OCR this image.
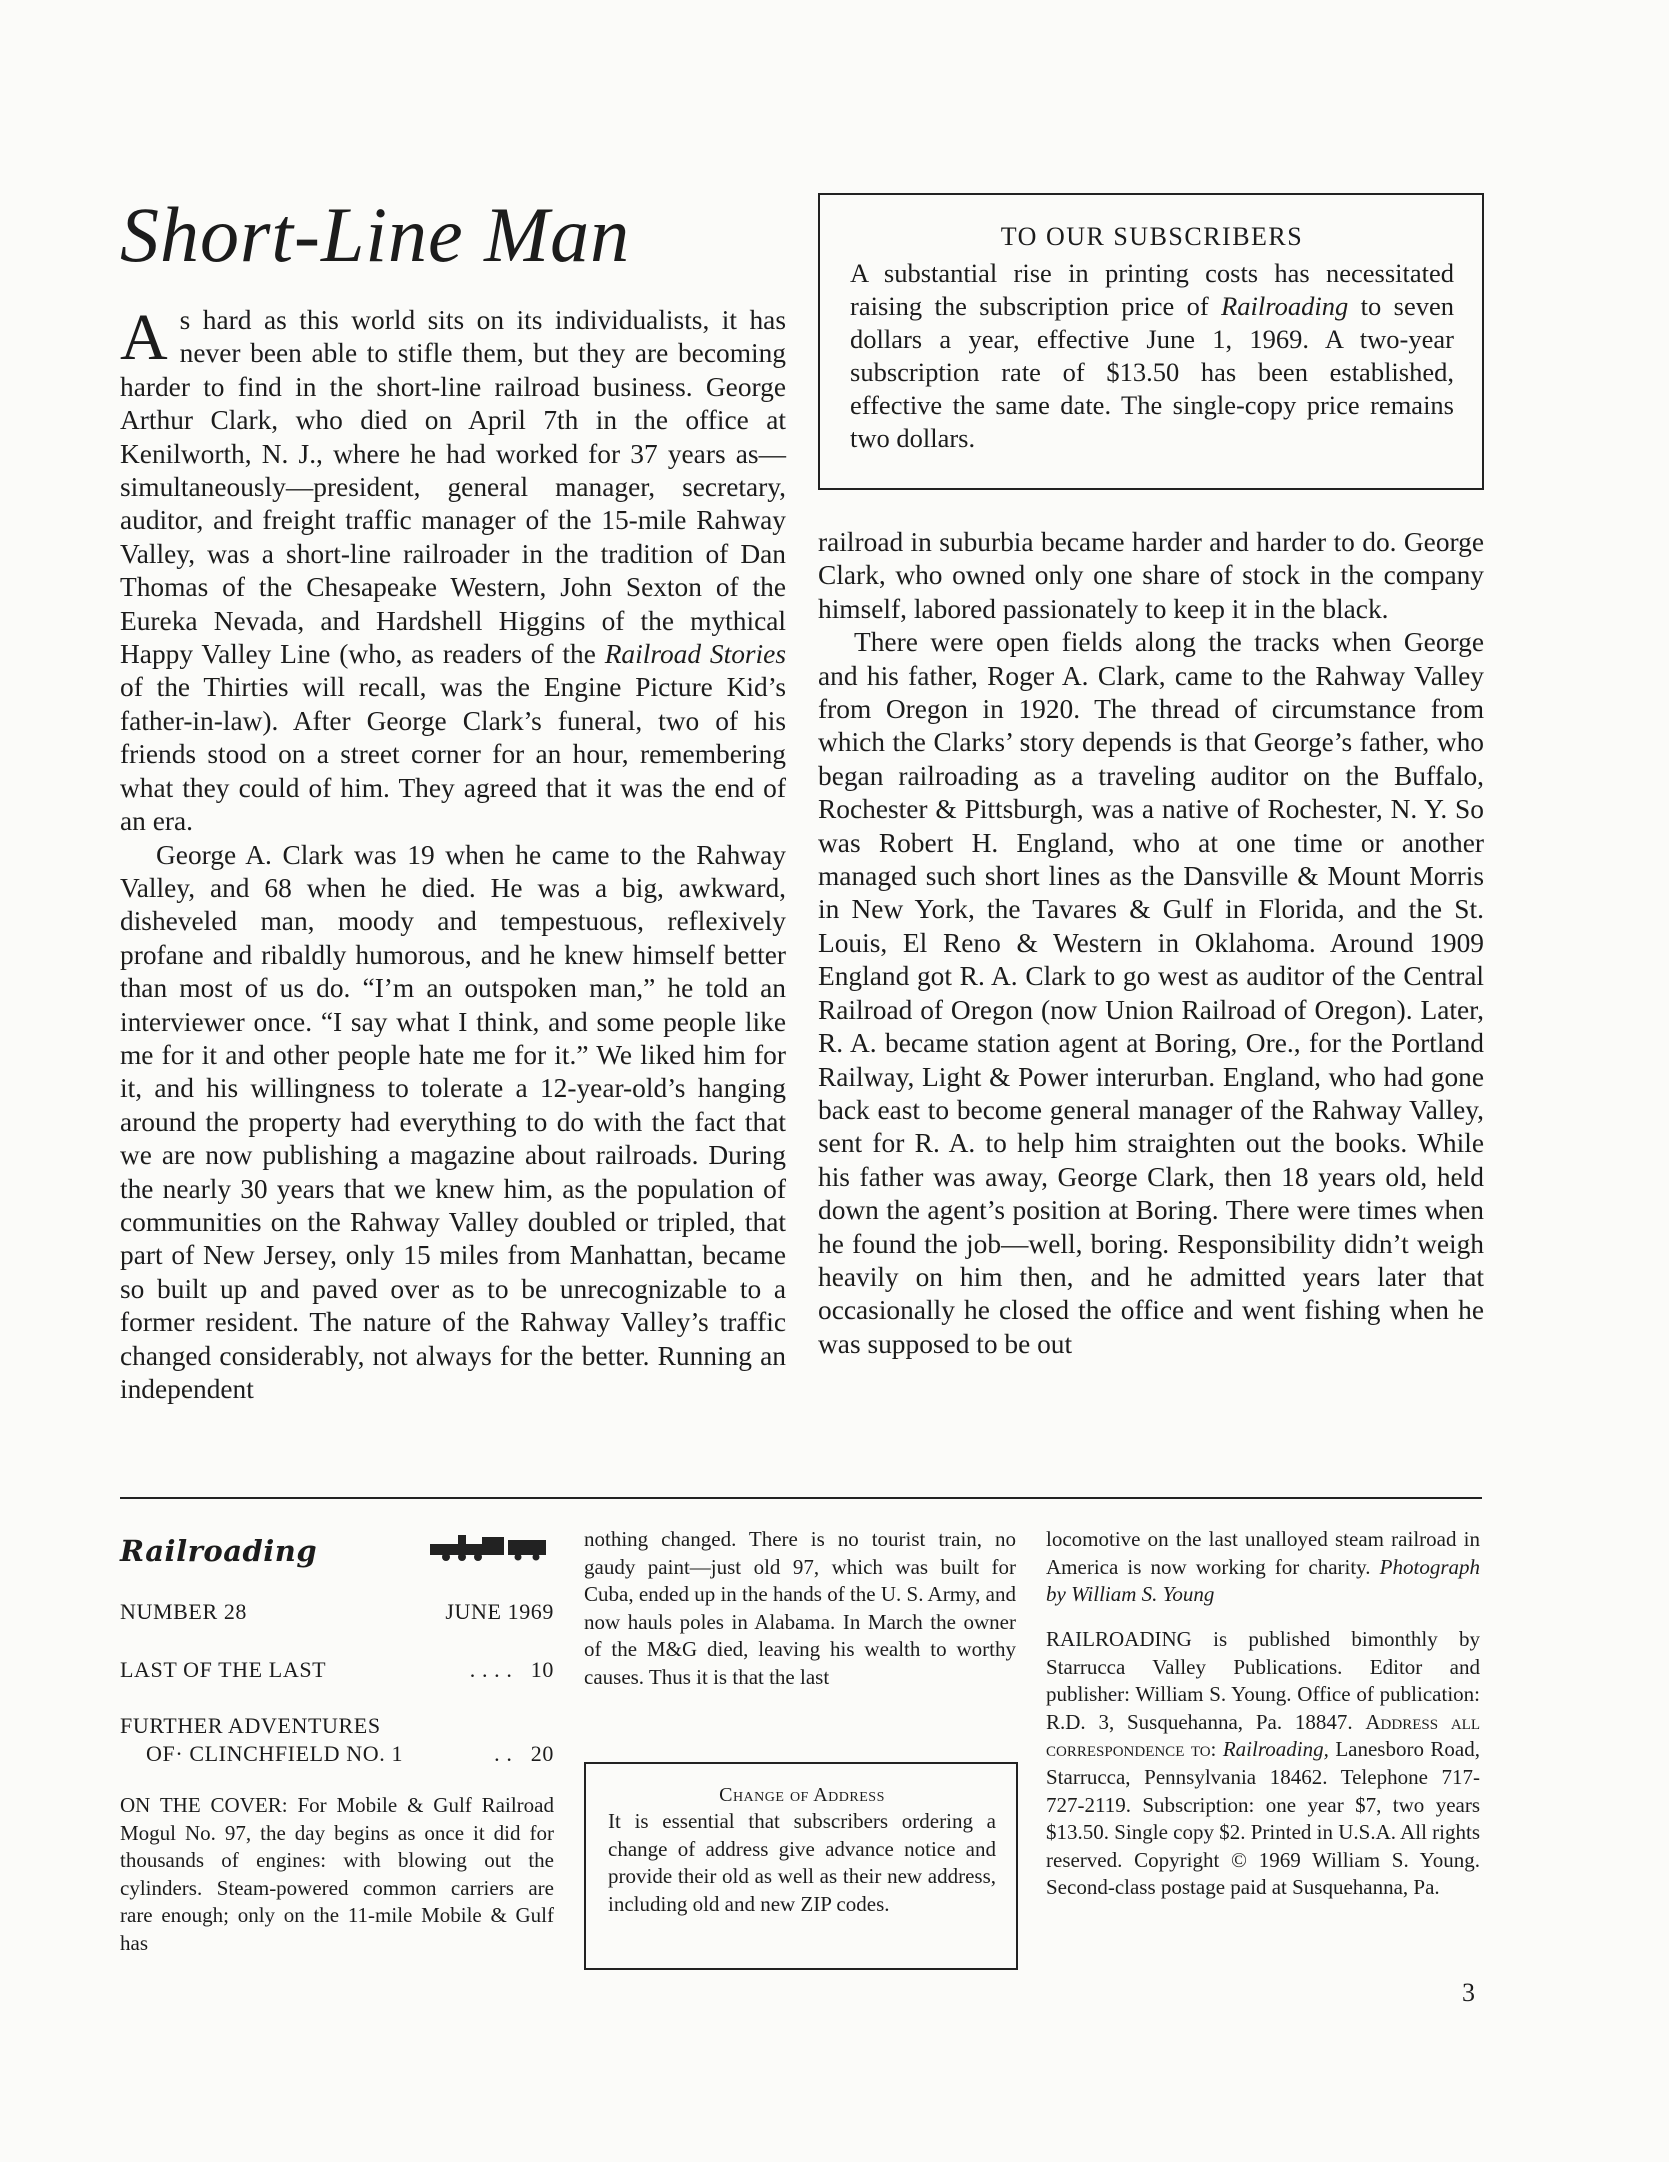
Short-Line Man

As hard as this world sits on its individualists, it has never been able to stifle them, but they are becoming harder to find in the short-line railroad business. George Arthur Clark, who died on April 7th in the office at Kenilworth, N. J., where he had worked for 37 years as—simultaneously—president, general manager, secretary, auditor, and freight traffic manager of the 15-mile Rahway Valley, was a short-line railroader in the tradition of Dan Thomas of the Chesapeake Western, John Sexton of the Eureka Nevada, and Hardshell Higgins of the mythical Happy Valley Line (who, as readers of the Railroad Stories of the Thirties will recall, was the Engine Picture Kid’s father-in-law). After George Clark’s funeral, two of his friends stood on a street corner for an hour, remembering what they could of him. They agreed that it was the end of an era.

George A. Clark was 19 when he came to the Rahway Valley, and 68 when he died. He was a big, awkward, disheveled man, moody and tempestuous, reflexively profane and ribaldly humorous, and he knew himself better than most of us do. “I’m an outspoken man,” he told an interviewer once. “I say what I think, and some people like me for it and other people hate me for it.” We liked him for it, and his willingness to tolerate a 12-year-old’s hanging around the property had everything to do with the fact that we are now publishing a magazine about railroads. During the nearly 30 years that we knew him, as the population of communities on the Rahway Valley doubled or tripled, that part of New Jersey, only 15 miles from Manhattan, became so built up and paved over as to be unrecognizable to a former resident. The nature of the Rahway Valley’s traffic changed considerably, not always for the better. Running an independent

TO OUR SUBSCRIBERS

A substantial rise in printing costs has necessitated raising the subscription price of Railroading to seven dollars a year, effective June 1, 1969. A two-year subscription rate of $13.50 has been established, effective the same date. The single-copy price remains two dollars.

railroad in suburbia became harder and harder to do. George Clark, who owned only one share of stock in the company himself, labored passionately to keep it in the black.

There were open fields along the tracks when George and his father, Roger A. Clark, came to the Rahway Valley from Oregon in 1920. The thread of circumstance from which the Clarks’ story depends is that George’s father, who began railroading as a traveling auditor on the Buffalo, Rochester & Pittsburgh, was a native of Rochester, N. Y. So was Robert H. England, who at one time or another managed such short lines as the Dansville & Mount Morris in New York, the Tavares & Gulf in Florida, and the St. Louis, El Reno & Western in Oklahoma. Around 1909 England got R. A. Clark to go west as auditor of the Central Railroad of Oregon (now Union Railroad of Oregon). Later, R. A. became station agent at Boring, Ore., for the Portland Railway, Light & Power interurban. England, who had gone back east to become general manager of the Rahway Valley, sent for R. A. to help him straighten out the books. While his father was away, George Clark, then 18 years old, held down the agent’s position at Boring. There were times when he found the job—well, boring. Responsibility didn’t weigh heavily on him then, and he admitted years later that occasionally he closed the office and went fishing when he was supposed to be out

Railroading
NUMBER 28	JUNE 1969
LAST OF THE LAST	. . . . 10
FURTHER ADVENTURES
OF· CLINCHFIELD NO. 1	. . 20
ON THE COVER: For Mobile & Gulf Railroad Mogul No. 97, the day begins as once it did for thousands of engines: with blowing out the cylinders. Steam-powered common carriers are rare enough; only on the 11-mile Mobile & Gulf has
nothing changed. There is no tourist train, no gaudy paint—just old 97, which was built for Cuba, ended up in the hands of the U. S. Army, and now hauls poles in Alabama. In March the owner of the M&G died, leaving his wealth to worthy causes. Thus it is that the last
Change of Address

It is essential that subscribers ordering a change of address give advance notice and provide their old as well as their new address, including old and new ZIP codes.

locomotive on the last unalloyed steam railroad in America is now working for charity. Photograph by William S. Young
RAILROADING is published bimonthly by Starrucca Valley Publications. Editor and publisher: William S. Young. Office of publication: R.D. 3, Susquehanna, Pa. 18847. Address all correspondence to: Railroading, Lanesboro Road, Starrucca, Pennsylvania 18462. Telephone 717-727-2119. Subscription: one year $7, two years $13.50. Single copy $2. Printed in U.S.A. All rights reserved. Copyright © 1969 William S. Young. Second-class postage paid at Susquehanna, Pa.
3
